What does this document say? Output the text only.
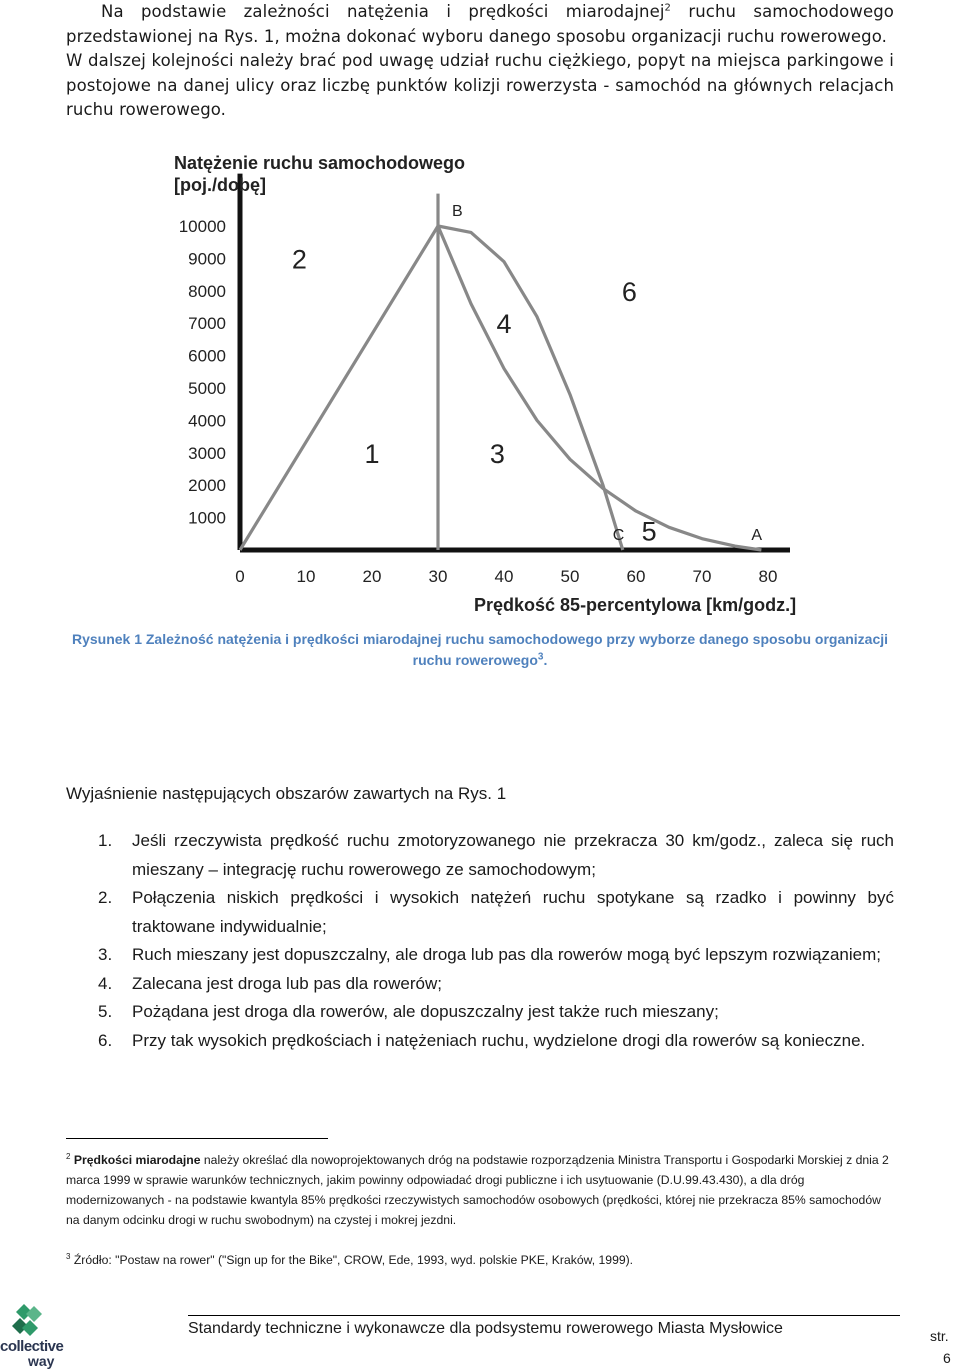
Na podstawie zależności natężenia i prędkości miarodajnej$^2$ ruchu samochodowego przedstawionej na Rys. 1, można dokonać wyboru danego sposobu organizacji ruchu rowerowego.

W dalszej kolejności należy brać pod uwagę udział ruchu ciężkiego, popyt na miejsca parkingowe i postojowe na danej ulicy oraz liczbę punktów kolizji rowerzysta - samochód na głównych relacjach ruchu rowerowego.

0	10	20	30	40	50	60	70	80
1000
2000
3000
4000
5000
6000
7000
8000
9000
10000
B
C	A
1
2
3
4
5
6
Natężenie ruchu samochodowego
[poj./dobę]
Prędkość 85-percentylowa [km/godz.]
Rysunek 1 Zależność natężenia i prędkości miarodajnej ruchu samochodowego przy wyborze danego sposobu organizacji ruchu rowerowego$^3$.
Wyjaśnienie następujących obszarów zawartych na Rys. 1
1. Jeśli rzeczywista prędkość ruchu zmotoryzowanego nie przekracza 30 km/godz., zaleca się ruch mieszany – integrację ruchu rowerowego ze samochodowym;
2. Połączenia niskich prędkości i wysokich natężeń ruchu spotykane są rzadko i powinny być traktowane indywidualnie;
3. Ruch mieszany jest dopuszczalny, ale droga lub pas dla rowerów mogą być lepszym rozwiązaniem;
4. Zalecana jest droga lub pas dla rowerów;
5. Pożądana jest droga dla rowerów, ale dopuszczalny jest także ruch mieszany;
6. Przy tak wysokich prędkościach i natężeniach ruchu, wydzielone drogi dla rowerów są konieczne.

$^2$ Prędkości miarodajne należy określać dla nowoprojektowanych dróg na podstawie rozporządzenia Ministra Transportu i Gospodarki Morskiej z dnia 2 marca 1999 w sprawie warunków technicznych, jakim powinny odpowiadać drogi publiczne i ich usytuowanie (D.U.99.43.430), a dla dróg modernizowanych - na podstawie kwantyla 85% prędkości rzeczywistych samochodów osobowych (prędkości, której nie przekracza 85% samochodów na danym odcinku drogi w ruchu swobodnym) na czystej i mokrej jezdni.

$^3$ Źródło: "Postaw na rower" ("Sign up for the Bike", CROW, Ede, 1993, wyd. polskie PKE, Kraków, 1999).

collective
way
Standardy techniczne i wykonawcze dla podsystemu rowerowego Miasta Mysłowice	str.
6
